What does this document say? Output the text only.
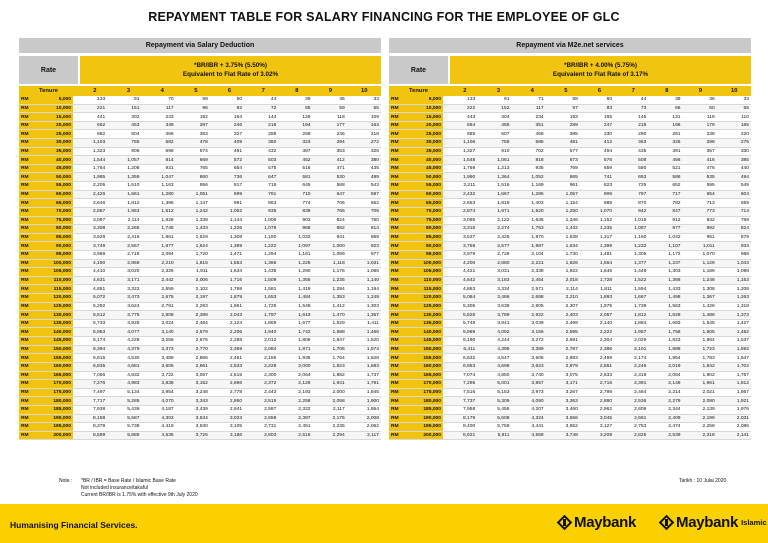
REPAYMENT TABLE FOR SALARY FINANCING FOR THE EMPLOYEE OF GLC
Repayment via Salary Deduction
Rate
*BR/IBR + 3.75% (5.50%)
Equivalent to Flat Rate of 3.02%
Tenure	2	3	4	5	6	7	8	9	10
RM	5,000	133	91	70	58	50	44	39	36	33
RM	10,000	221	151	117	96	82	72	65	59	55
RM	15,000	441	302	233	192	164	144	129	118	109
RM	20,000	662	453	349	287	246	216	194	177	163
RM	25,000	882	604	466	383	327	288	258	236	218
RM	30,000	1,103	755	582	478	409	360	323	294	272
RM	35,000	1,323	906	698	574	491	432	387	353	326
RM	40,000	1,544	1,057	814	669	572	503	452	412	380
RM	45,000	1,764	1,208	931	765	654	575	516	471	435
RM	50,000	1,985	1,359	1,047	860	736	647	581	530	489
RM	55,000	2,205	1,510	1,163	956	817	719	645	588	543
RM	60,000	2,426	1,661	1,280	1,051	899	791	710	647	597
RM	65,000	2,646	1,812	1,396	1,147	981	863	774	706	652
RM	70,000	2,867	1,963	1,512	1,242	1,062	935	839	765	706
RM	75,000	3,087	2,114	1,628	1,338	1,144	1,006	903	824	760
RM	80,000	3,308	2,265	1,745	1,433	1,226	1,078	968	882	814
RM	85,000	3,528	2,416	1,861	1,529	1,308	1,150	1,032	941	869
RM	90,000	3,749	2,567	1,977	1,624	1,389	1,222	1,097	1,000	923
RM	95,000	3,969	2,718	2,094	1,720	1,471	1,294	1,161	1,059	977
RM	100,000	4,190	2,869	2,210	1,815	1,553	1,366	1,226	1,118	1,031
RM	105,000	4,410	3,020	2,326	1,911	1,634	1,438	1,290	1,176	1,086
RM	110,000	4,631	3,171	2,442	2,006	1,716	1,509	1,355	1,235	1,140
RM	115,000	4,851	3,322	2,559	2,102	1,798	1,581	1,419	1,294	1,194
RM	120,000	5,072	3,473	2,675	2,197	1,879	1,653	1,484	1,353	1,249
RM	125,000	5,292	3,624	2,791	2,293	1,961	1,725	1,548	1,412	1,303
RM	130,000	5,512	3,775	2,908	2,388	2,043	1,797	1,613	1,470	1,357
RM	135,000	5,733	3,926	3,024	2,484	2,124	1,869	1,677	1,529	1,411
RM	140,000	5,953	4,077	3,140	2,579	2,206	1,940	1,742	1,588	1,466
RM	145,000	6,174	4,228	3,256	2,675	2,288	2,012	1,806	1,647	1,520
RM	150,000	6,394	4,379	3,373	2,770	2,369	2,084	1,871	1,706	1,574
RM	155,000	6,615	4,530	3,489	2,866	2,451	2,156	1,935	1,764	1,628
RM	160,000	6,835	4,681	3,605	2,961	2,533	2,228	2,000	1,823	1,683
RM	165,000	7,056	4,832	3,722	3,057	2,615	2,300	2,064	1,882	1,737
RM	170,000	7,276	4,983	3,838	3,152	2,696	2,372	2,129	1,941	1,791
RM	175,000	7,497	5,134	3,954	3,248	2,778	2,443	2,193	2,000	1,845
RM	180,000	7,717	5,285	4,070	3,343	2,860	2,515	2,258	2,058	1,900
RM	185,000	7,938	5,436	4,187	3,439	2,941	2,587	2,322	2,117	1,954
RM	190,000	8,158	5,587	4,303	3,534	3,023	2,659	2,387	2,176	2,008
RM	195,000	8,379	5,738	4,419	3,630	3,105	2,731	2,451	2,235	2,062
RM	200,000	8,599	5,889	4,536	3,725	3,186	2,803	2,516	2,294	2,117
Repayment via M2e.net services
Rate
*BR/IBR + 4.00% (5.75%)
Equivalent to Flat Rate of 3.17%
Tenure	2	3	4	5	6	7	8	9	10
RM	5,000	133	91	71	58	50	44	39	36	33
RM	10,000	222	152	117	97	83	73	66	60	55
RM	15,000	443	304	234	193	165	145	131	119	110
RM	20,000	664	455	351	289	247	218	196	179	165
RM	25,000	885	607	468	385	330	290	261	238	220
RM	30,000	1,106	758	585	481	412	363	326	298	275
RM	35,000	1,327	910	702	577	494	435	391	357	330
RM	40,000	1,548	1,061	818	673	576	508	456	416	385
RM	45,000	1,769	1,213	935	769	659	580	521	476	440
RM	50,000	1,990	1,364	1,052	865	741	653	586	535	494
RM	55,000	2,211	1,516	1,169	961	823	725	652	595	549
RM	60,000	2,432	1,667	1,286	1,057	906	797	717	654	604
RM	65,000	2,653	1,819	1,403	1,154	988	870	782	713	659
RM	70,000	2,874	1,971	1,520	1,250	1,070	942	847	773	714
RM	75,000	3,095	2,122	1,636	1,346	1,152	1,015	912	832	769
RM	80,000	3,316	2,274	1,753	1,442	1,235	1,087	977	892	824
RM	85,000	3,537	2,425	1,870	1,538	1,317	1,160	1,042	951	879
RM	90,000	3,758	2,577	1,987	1,634	1,399	1,232	1,107	1,011	934
RM	95,000	3,979	2,728	2,104	1,730	1,481	1,305	1,172	1,070	988
RM	100,000	4,200	2,880	2,221	1,826	1,564	1,377	1,237	1,129	1,043
RM	105,000	4,421	3,031	2,338	1,922	1,646	1,449	1,303	1,189	1,098
RM	110,000	4,642	3,183	2,454	2,018	1,728	1,522	1,368	1,248	1,153
RM	115,000	4,863	3,334	2,571	2,114	1,811	1,594	1,433	1,308	1,208
RM	120,000	5,084	3,486	2,688	2,210	1,893	1,667	1,498	1,367	1,263
RM	125,000	5,305	3,638	2,805	2,307	1,975	1,739	1,563	1,426	1,318
RM	130,000	5,526	3,789	2,922	2,403	2,057	1,812	1,628	1,486	1,373
RM	135,000	5,748	3,941	3,039	2,499	2,140	1,884	1,693	1,545	1,427
RM	140,000	5,969	4,092	3,156	2,595	2,222	1,957	1,758	1,605	1,482
RM	145,000	6,190	4,244	3,272	2,691	2,304	2,029	1,823	1,664	1,537
RM	150,000	6,411	4,395	3,389	2,787	2,386	2,101	1,888	1,723	1,592
RM	155,000	6,632	4,547	3,506	2,883	2,469	2,174	1,954	1,783	1,647
RM	160,000	6,853	4,698	3,623	2,979	2,551	2,246	2,019	1,842	1,702
RM	165,000	7,074	4,850	3,740	3,075	2,633	2,319	2,084	1,902	1,757
RM	170,000	7,295	5,001	3,857	3,171	2,716	2,391	2,149	1,961	1,812
RM	175,000	7,516	5,153	3,973	3,267	2,798	2,464	2,214	2,021	1,867
RM	180,000	7,737	5,305	4,090	3,363	2,880	2,536	2,279	2,080	1,921
RM	185,000	7,958	5,456	4,207	3,460	2,962	2,609	2,344	2,139	1,976
RM	190,000	8,179	5,608	4,324	3,556	3,045	2,681	2,409	2,199	2,031
RM	195,000	8,400	5,759	4,441	3,652	3,127	2,753	2,474	2,258	2,086
RM	200,000	8,621	5,911	4,558	3,748	3,209	2,826	2,539	2,318	2,141
Note : *BR / IBR = Base Rate / Islamic Base Rate
Not included insurance/takaful
Current BR/IBR is 1.75% with effective 9th July 2020
Tarikh : 10 Julai 2020
Humanising Financial Services.	Maybank	Maybank Islamic
